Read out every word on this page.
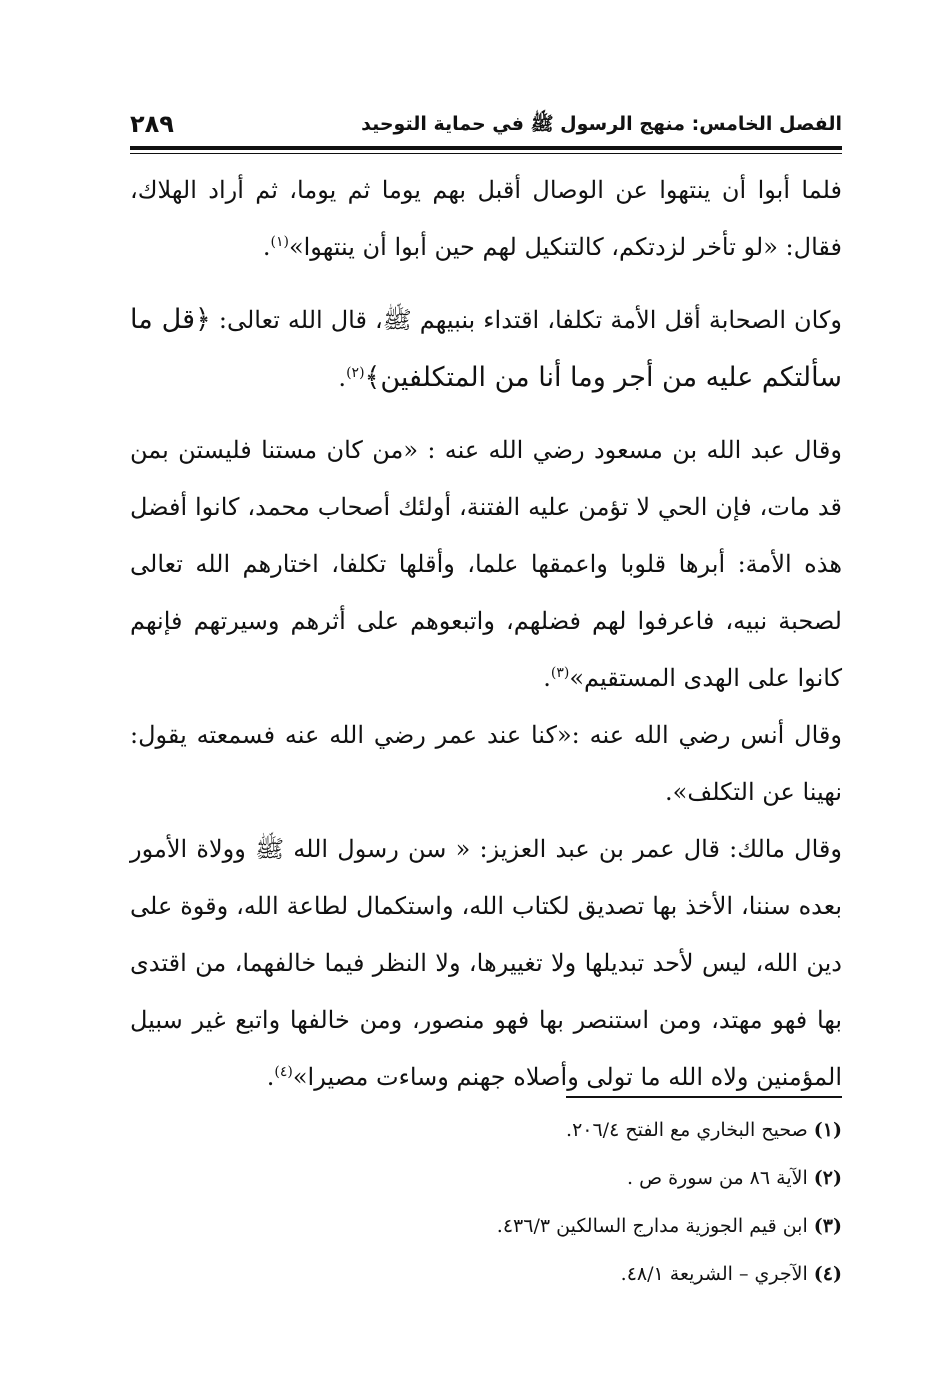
الفصل الخامس: منهج الرسول ﷺ في حماية التوحيد
٢٨٩

فلما أبوا أن ينتهوا عن الوصال أقبل بهم يوما ثم يوما، ثم أراد الهلاك، فقال: «لو تأخر لزدتكم، كالتنكيل لهم حين أبوا أن ينتهوا»$^{(١)}$.

وكان الصحابة أقل الأمة تكلفا، اقتداء بنبيهم ﷺ، قال الله تعالى: ﴿قل ما سألتكم عليه من أجر وما أنا من المتكلفين﴾$^{(٢)}$.

وقال عبد الله بن مسعود رضي الله عنه : «من كان مستنا فليستن بمن قد مات، فإن الحي لا تؤمن عليه الفتنة، أولئك أصحاب محمد، كانوا أفضل هذه الأمة: أبرها قلوبا واعمقها علما، وأقلها تكلفا، اختارهم الله تعالى لصحبة نبيه، فاعرفوا لهم فضلهم، واتبعوهم على أثرهم وسيرتهم فإنهم كانوا على الهدى المستقيم»$^{(٣)}$.

وقال أنس رضي الله عنه :«كنا عند عمر رضي الله عنه فسمعته يقول: نهينا عن التكلف».

وقال مالك: قال عمر بن عبد العزيز: « سن رسول الله ﷺ وولاة الأمور بعده سننا، الأخذ بها تصديق لكتاب الله، واستكمال لطاعة الله، وقوة على دين الله، ليس لأحد تبديلها ولا تغييرها، ولا النظر فيما خالفهما، من اقتدى بها فهو مهتد، ومن استنصر بها فهو منصور، ومن خالفها واتبع غير سبيل المؤمنين ولاه الله ما تولى وأصلاه جهنم وساءت مصيرا»$^{(٤)}$.

(١) صحيح البخاري مع الفتح ٢٠٦/٤.
(٢) الآية ٨٦ من سورة ص .
(٣) ابن قيم الجوزية مدارج السالكين ٤٣٦/٣.
(٤) الآجري – الشريعة ٤٨/١.
